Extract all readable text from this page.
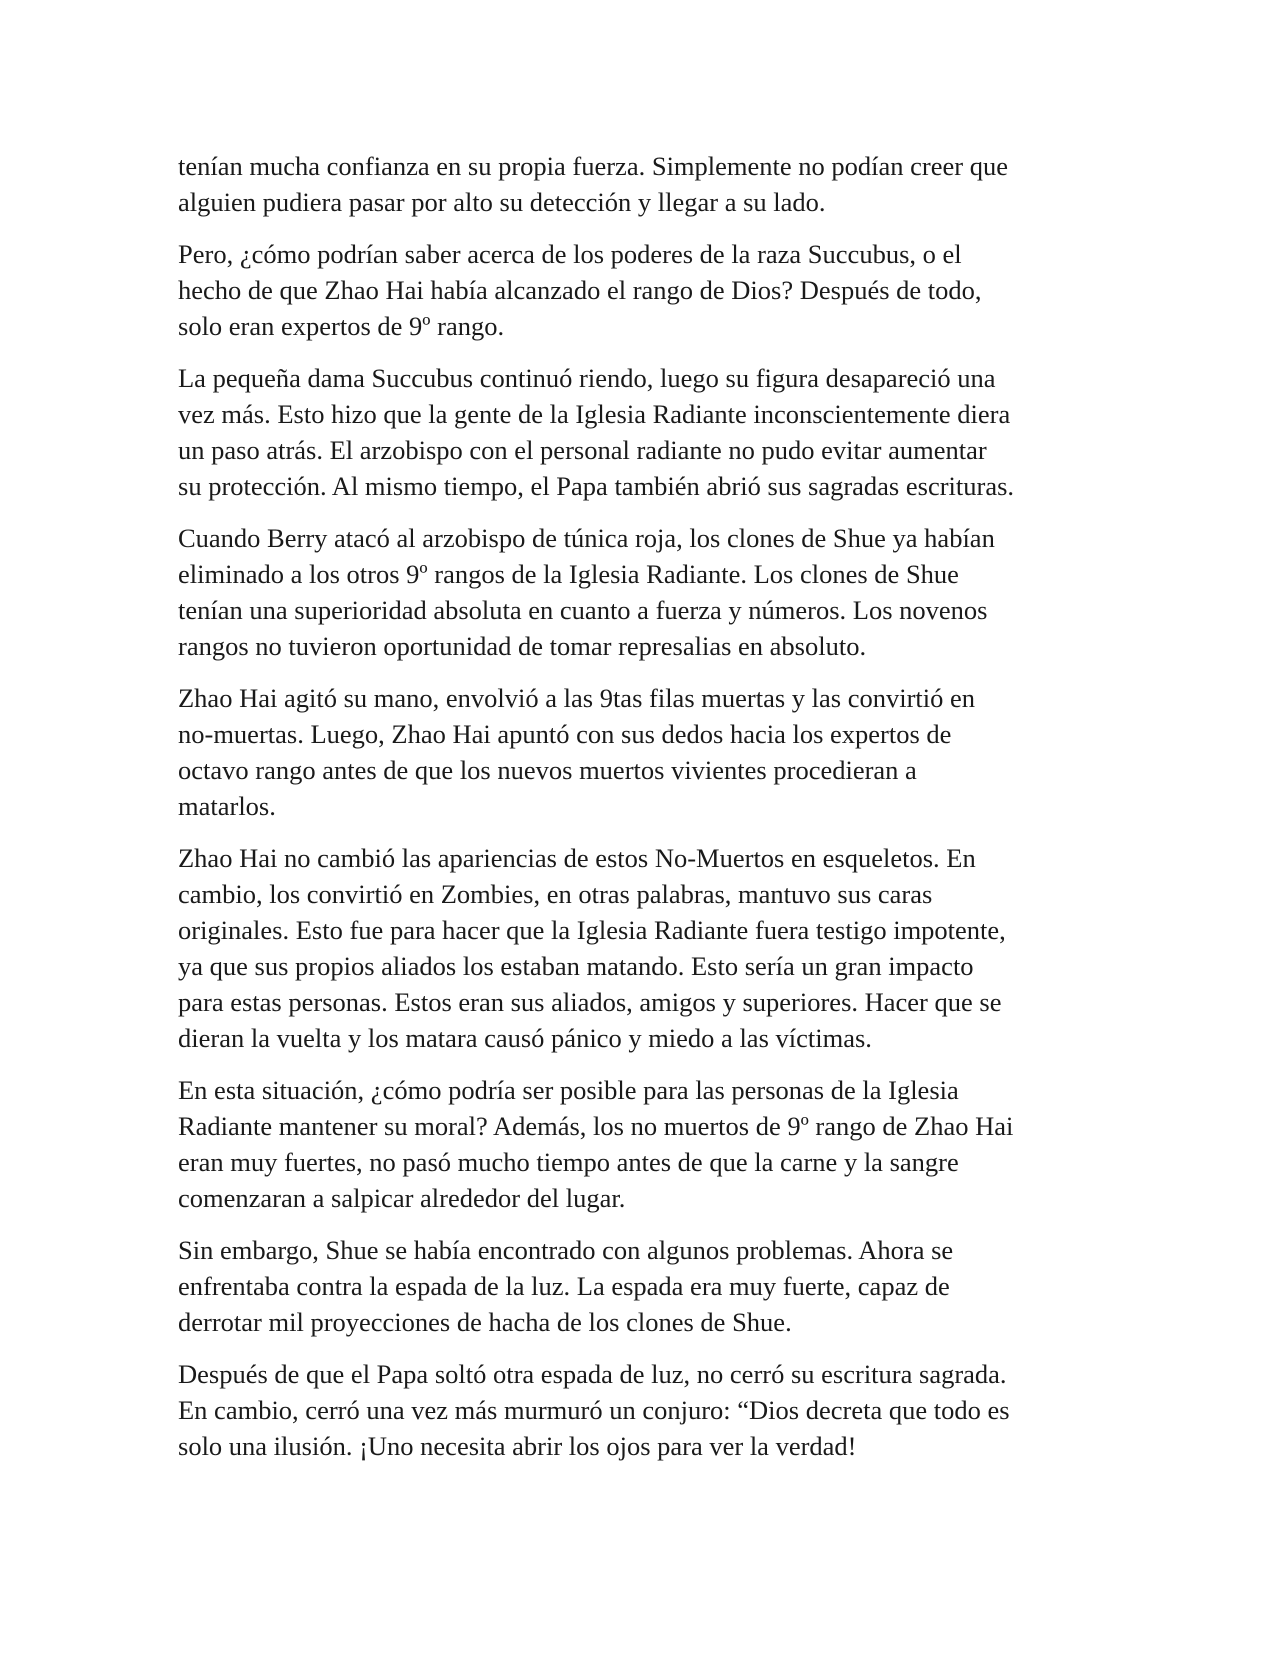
tenían mucha confianza en su propia fuerza. Simplemente no podían creer que
alguien pudiera pasar por alto su detección y llegar a su lado.

Pero, ¿cómo podrían saber acerca de los poderes de la raza Succubus, o el
hecho de que Zhao Hai había alcanzado el rango de Dios? Después de todo,
solo eran expertos de 9º rango.

La pequeña dama Succubus continuó riendo, luego su figura desapareció una
vez más. Esto hizo que la gente de la Iglesia Radiante inconscientemente diera
un paso atrás. El arzobispo con el personal radiante no pudo evitar aumentar
su protección. Al mismo tiempo, el Papa también abrió sus sagradas escrituras.

Cuando Berry atacó al arzobispo de túnica roja, los clones de Shue ya habían
eliminado a los otros 9º rangos de la Iglesia Radiante. Los clones de Shue
tenían una superioridad absoluta en cuanto a fuerza y números. Los novenos
rangos no tuvieron oportunidad de tomar represalias en absoluto.

Zhao Hai agitó su mano, envolvió a las 9tas filas muertas y las convirtió en
no-muertas. Luego, Zhao Hai apuntó con sus dedos hacia los expertos de
octavo rango antes de que los nuevos muertos vivientes procedieran a
matarlos.

Zhao Hai no cambió las apariencias de estos No-Muertos en esqueletos. En
cambio, los convirtió en Zombies, en otras palabras, mantuvo sus caras
originales. Esto fue para hacer que la Iglesia Radiante fuera testigo impotente,
ya que sus propios aliados los estaban matando. Esto sería un gran impacto
para estas personas. Estos eran sus aliados, amigos y superiores. Hacer que se
dieran la vuelta y los matara causó pánico y miedo a las víctimas.

En esta situación, ¿cómo podría ser posible para las personas de la Iglesia
Radiante mantener su moral? Además, los no muertos de 9º rango de Zhao Hai
eran muy fuertes, no pasó mucho tiempo antes de que la carne y la sangre
comenzaran a salpicar alrededor del lugar.

Sin embargo, Shue se había encontrado con algunos problemas. Ahora se
enfrentaba contra la espada de la luz. La espada era muy fuerte, capaz de
derrotar mil proyecciones de hacha de los clones de Shue.

Después de que el Papa soltó otra espada de luz, no cerró su escritura sagrada.
En cambio, cerró una vez más murmuró un conjuro: “Dios decreta que todo es
solo una ilusión. ¡Uno necesita abrir los ojos para ver la verdad!
